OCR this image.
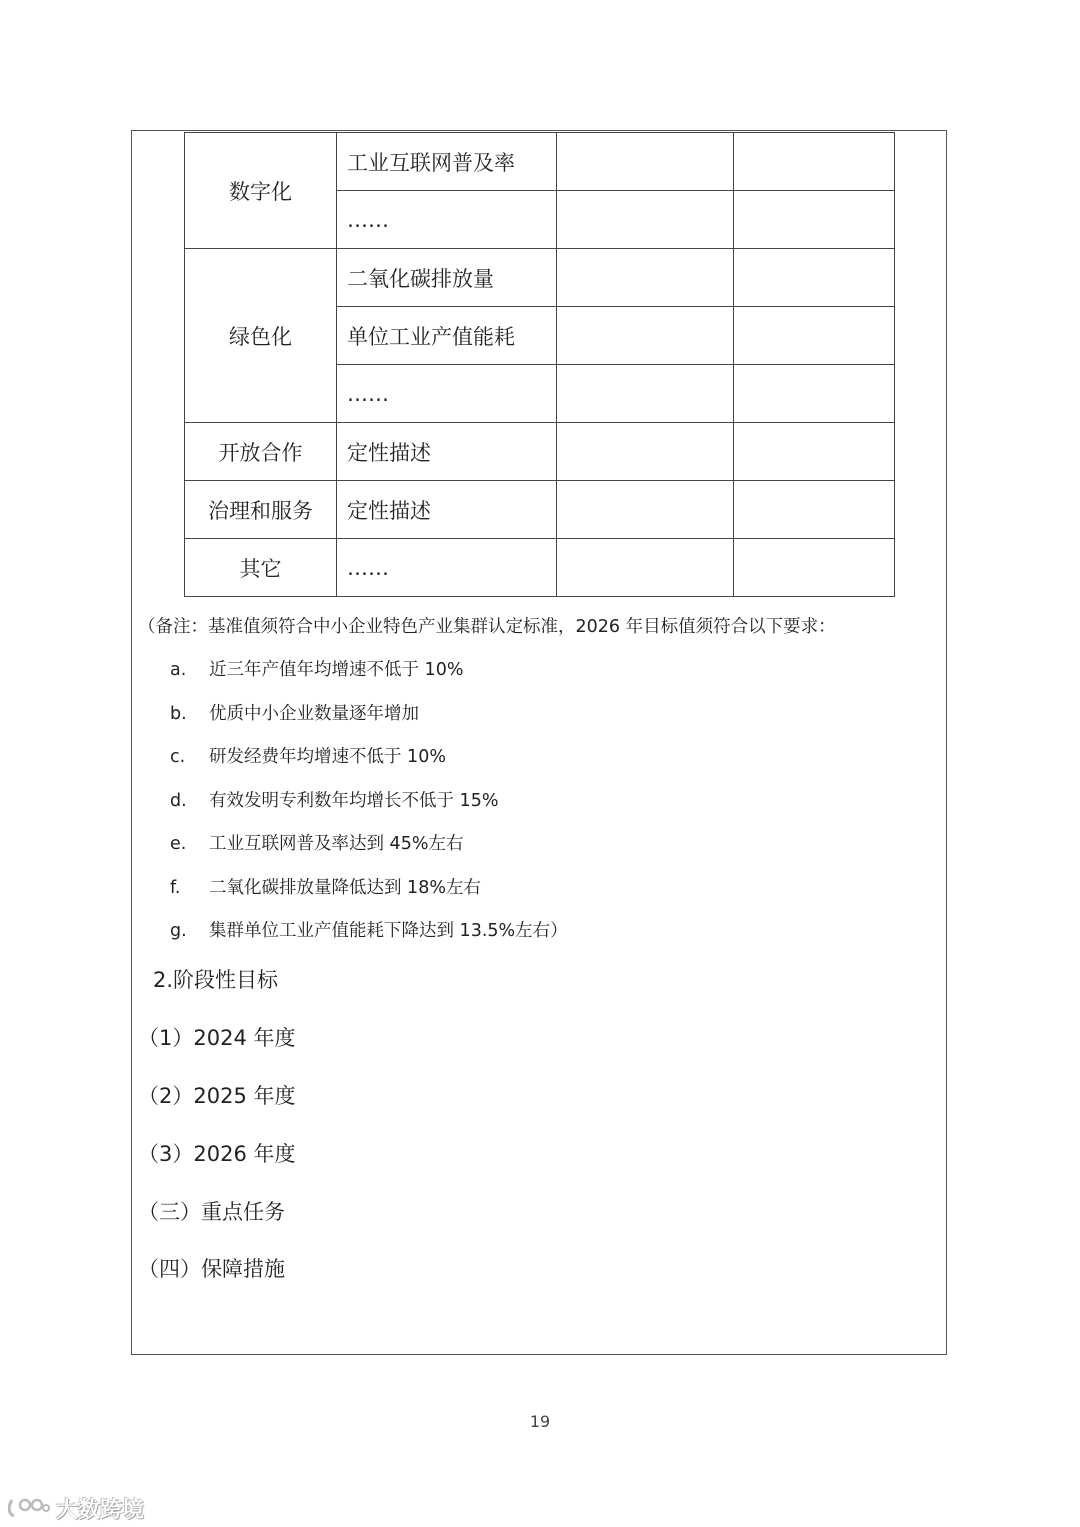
数字化	工业互联网普及率		
	……		
绿色化	二氧化碳排放量		
	单位工业产值能耗		
	……		
开放合作	定性描述		
治理和服务	定性描述		
其它	……		
（备注：基准值须符合中小企业特色产业集群认定标准，2026 年目标值须符合以下要求：
a. 近三年产值年均增速不低于 10%
b. 优质中小企业数量逐年增加
c. 研发经费年均增速不低于 10%
d. 有效发明专利数年均增长不低于 15%
e. 工业互联网普及率达到 45%左右
f. 二氧化碳排放量降低达到 18%左右
g. 集群单位工业产值能耗下降达到 13.5%左右）
2.阶段性目标
（1）2024 年度
（2）2025 年度
（3）2026 年度
（三）重点任务
（四）保障措施
19
大数跨境
